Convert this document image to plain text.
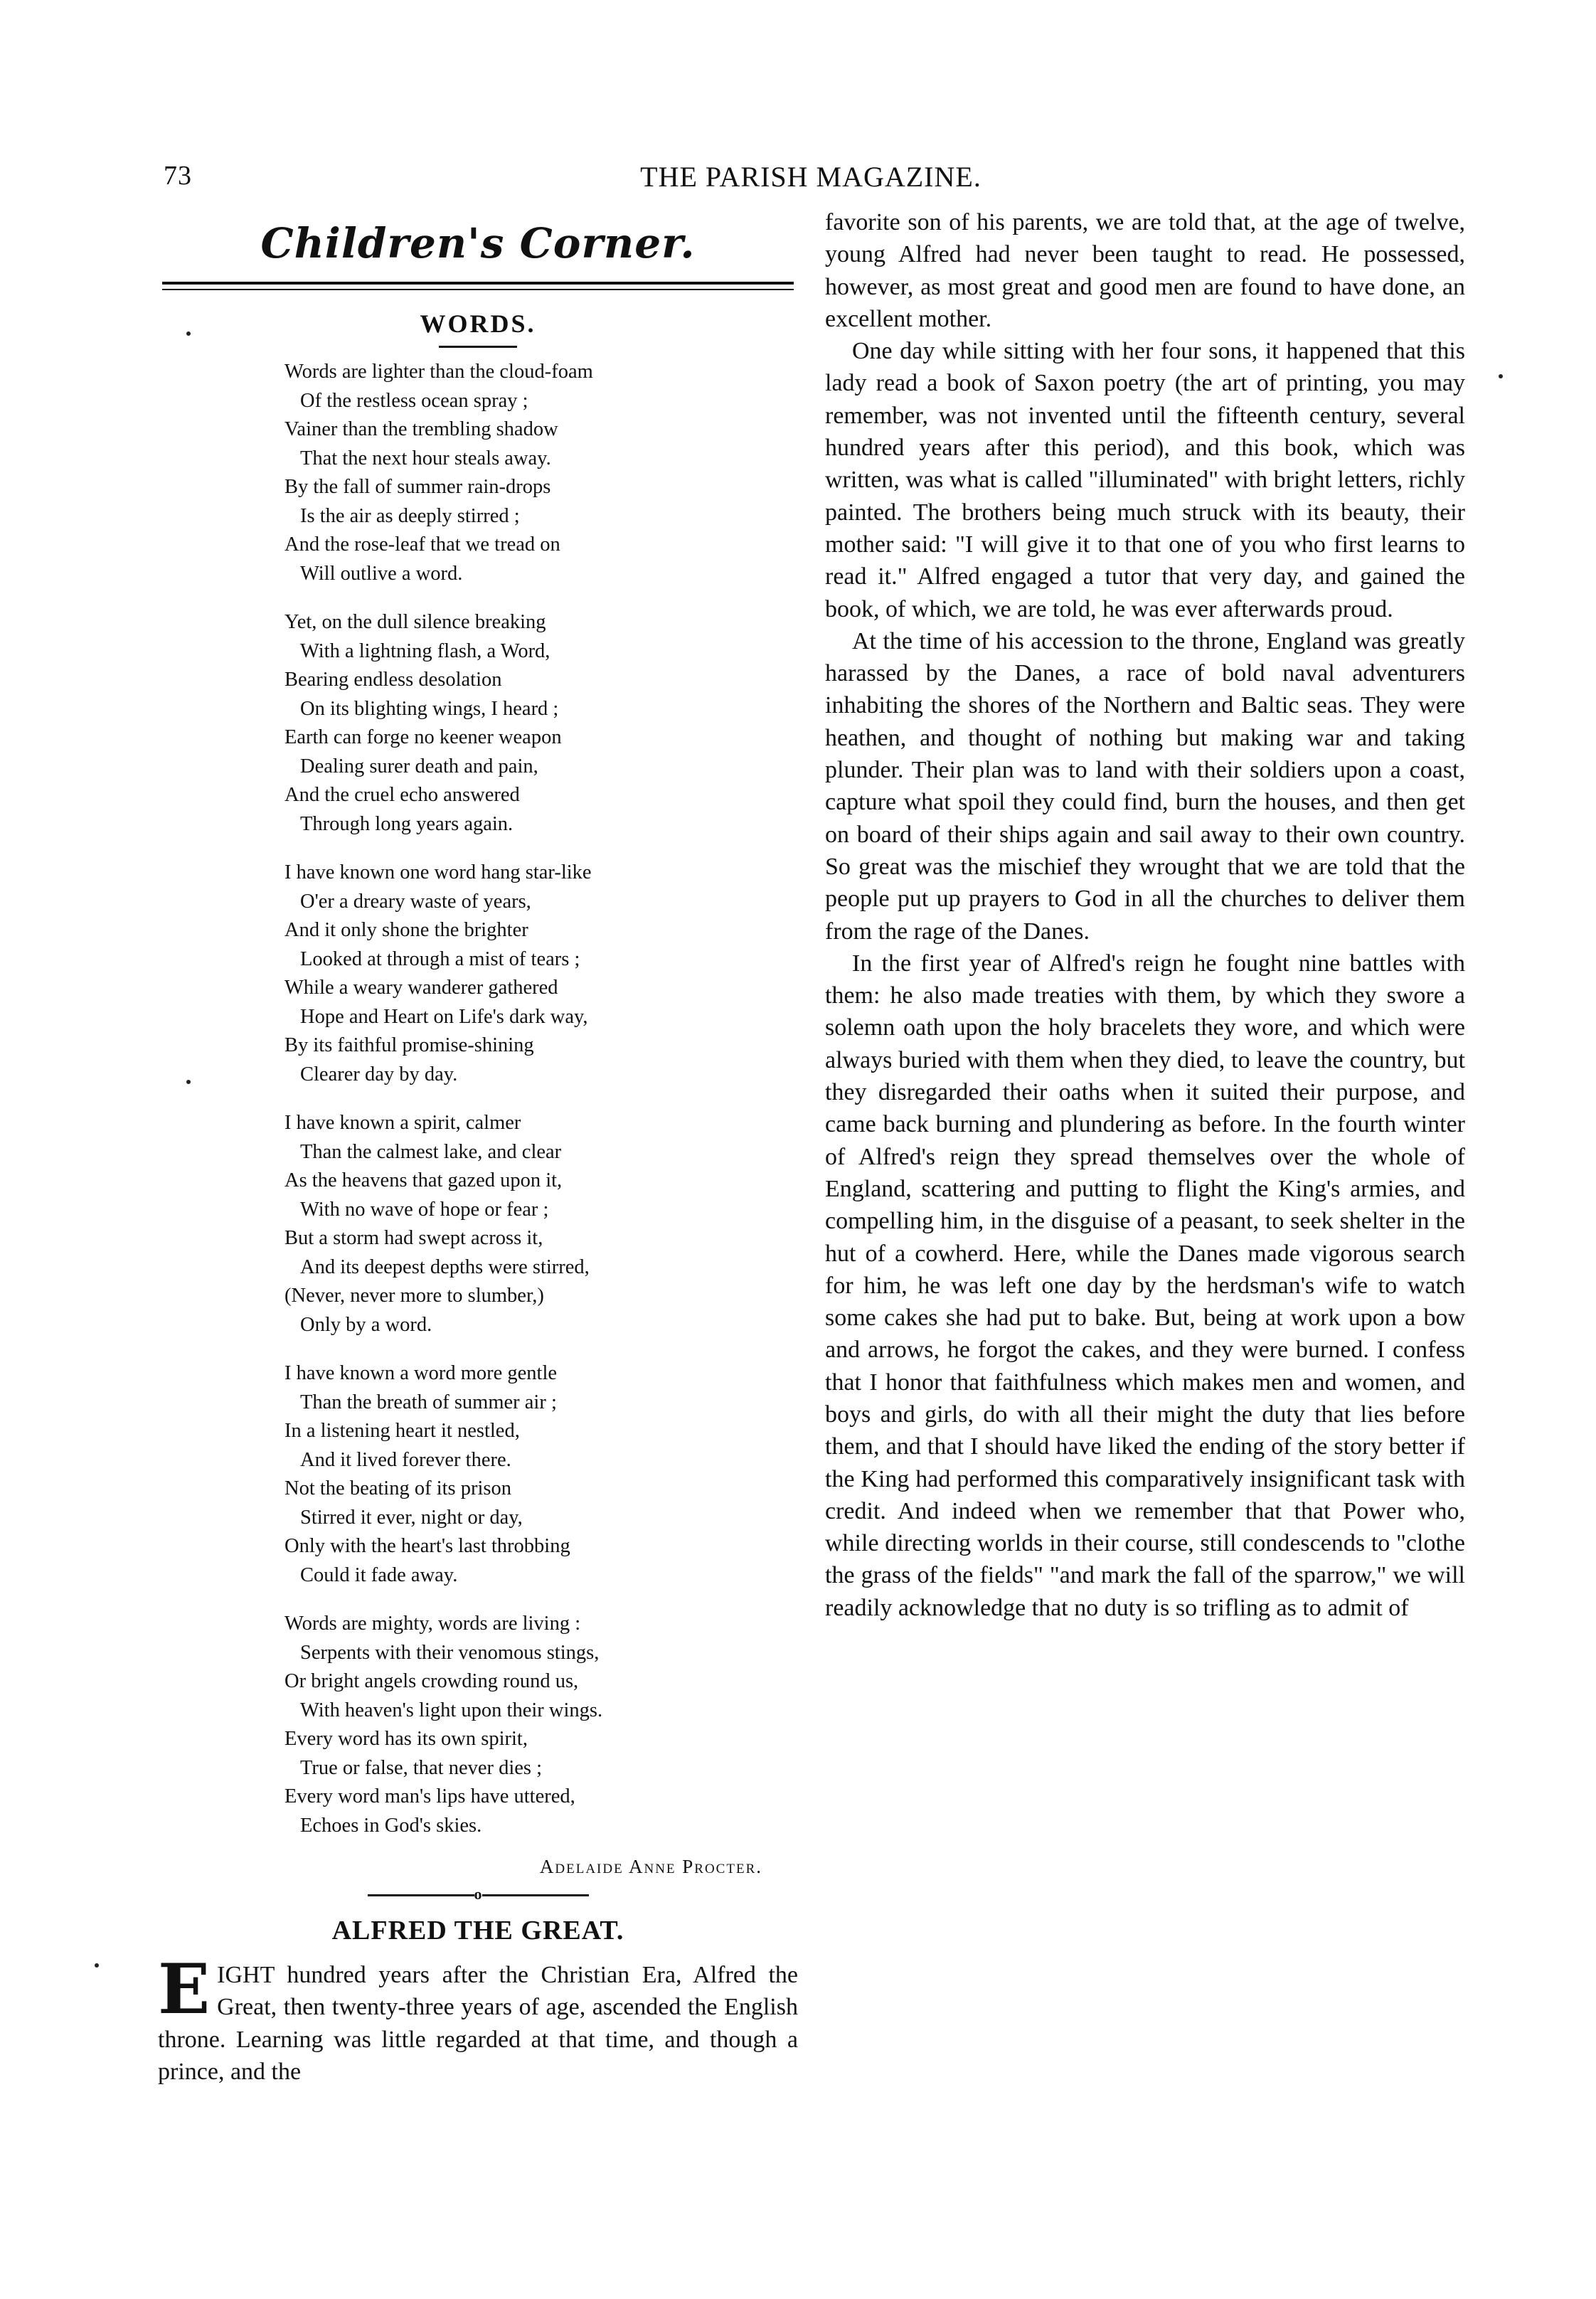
73	THE PARISH MAGAZINE.
Children's Corner.
WORDS.
Words are lighter than the cloud-foam
Of the restless ocean spray ;
Vainer than the trembling shadow
That the next hour steals away.
By the fall of summer rain-drops
Is the air as deeply stirred ;
And the rose-leaf that we tread on
Will outlive a word.
Yet, on the dull silence breaking
With a lightning flash, a Word,
Bearing endless desolation
On its blighting wings, I heard ;
Earth can forge no keener weapon
Dealing surer death and pain,
And the cruel echo answered
Through long years again.
I have known one word hang star-like
O'er a dreary waste of years,
And it only shone the brighter
Looked at through a mist of tears ;
While a weary wanderer gathered
Hope and Heart on Life's dark way,
By its faithful promise-shining
Clearer day by day.
I have known a spirit, calmer
Than the calmest lake, and clear
As the heavens that gazed upon it,
With no wave of hope or fear ;
But a storm had swept across it,
And its deepest depths were stirred,
(Never, never more to slumber,)
Only by a word.
I have known a word more gentle
Than the breath of summer air ;
In a listening heart it nestled,
And it lived forever there.
Not the beating of its prison
Stirred it ever, night or day,
Only with the heart's last throbbing
Could it fade away.
Words are mighty, words are living :
Serpents with their venomous stings,
Or bright angels crowding round us,
With heaven's light upon their wings.
Every word has its own spirit,
True or false, that never dies ;
Every word man's lips have uttered,
Echoes in God's skies.
Adelaide Anne Procter.
o
ALFRED THE GREAT.

EIGHT hundred years after the Christian Era, Alfred the Great, then twenty-three years of age, ascended the English throne. Learning was little regarded at that time, and though a prince, and the

favorite son of his parents, we are told that, at the age of twelve, young Alfred had never been taught to read. He possessed, however, as most great and good men are found to have done, an excellent mother.

One day while sitting with her four sons, it happened that this lady read a book of Saxon poetry (the art of printing, you may remember, was not invented until the fifteenth century, several hundred years after this period), and this book, which was written, was what is called "illuminated" with bright letters, richly painted. The brothers being much struck with its beauty, their mother said: "I will give it to that one of you who first learns to read it." Alfred engaged a tutor that very day, and gained the book, of which, we are told, he was ever afterwards proud.

At the time of his accession to the throne, England was greatly harassed by the Danes, a race of bold naval adventurers inhabiting the shores of the Northern and Baltic seas. They were heathen, and thought of nothing but making war and taking plunder. Their plan was to land with their soldiers upon a coast, capture what spoil they could find, burn the houses, and then get on board of their ships again and sail away to their own country. So great was the mischief they wrought that we are told that the people put up prayers to God in all the churches to deliver them from the rage of the Danes.

In the first year of Alfred's reign he fought nine battles with them: he also made treaties with them, by which they swore a solemn oath upon the holy bracelets they wore, and which were always buried with them when they died, to leave the country, but they disregarded their oaths when it suited their purpose, and came back burning and plundering as before. In the fourth winter of Alfred's reign they spread themselves over the whole of England, scattering and putting to flight the King's armies, and compelling him, in the disguise of a peasant, to seek shelter in the hut of a cowherd. Here, while the Danes made vigorous search for him, he was left one day by the herdsman's wife to watch some cakes she had put to bake. But, being at work upon a bow and arrows, he forgot the cakes, and they were burned. I confess that I honor that faithfulness which makes men and women, and boys and girls, do with all their might the duty that lies before them, and that I should have liked the ending of the story better if the King had performed this comparatively insignificant task with credit. And indeed when we remember that that Power who, while directing worlds in their course, still condescends to "clothe the grass of the fields" "and mark the fall of the sparrow," we will readily acknowledge that no duty is so trifling as to admit of
